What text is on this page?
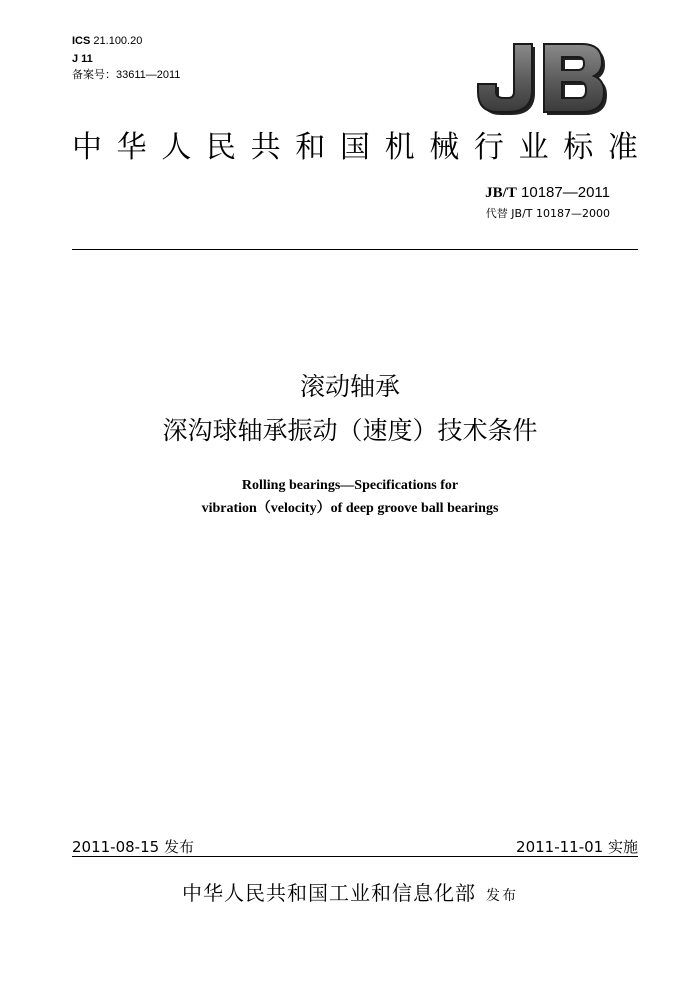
ICS 21.100.20
J 11
备案号：33611—2011
中 华 人 民 共 和 国 机 械 行 业 标 准
JB/T 10187—2011
代替 JB/T 10187—2000
滚动轴承
深沟球轴承振动（速度）技术条件
Rolling bearings—Specifications for
vibration（velocity）of deep groove ball bearings
2011-08-15 发布	2011-11-01 实施
中华人民共和国工业和信息化部 发布
